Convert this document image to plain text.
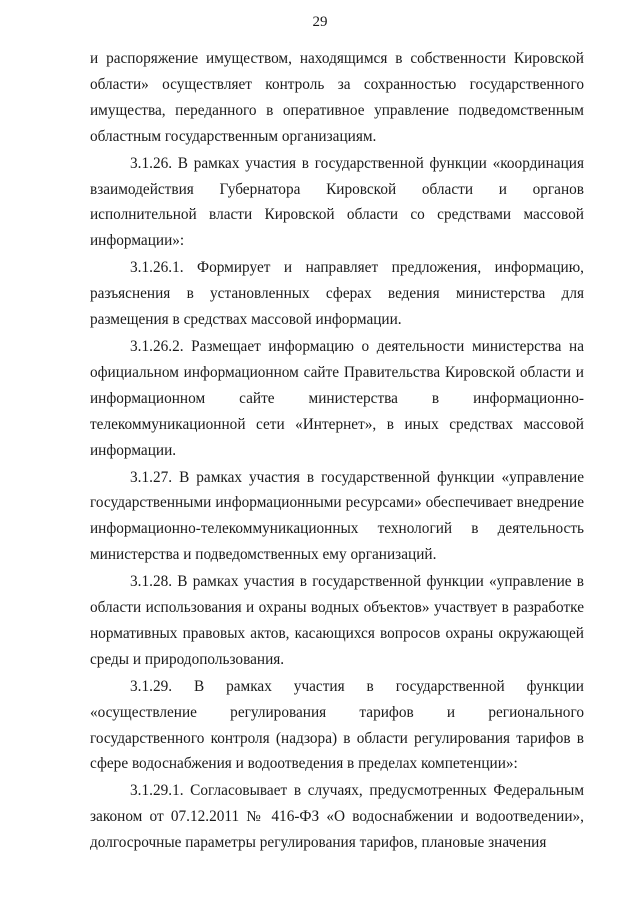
29

и распоряжение имуществом, находящимся в собственности Кировской области» осуществляет контроль за сохранностью государственного имущества, переданного в оперативное управление подведомственным областным государственным организациям.

3.1.26. В рамках участия в государственной функции «координация взаимодействия Губернатора Кировской области и органов исполнительной власти Кировской области со средствами массовой информации»:

3.1.26.1. Формирует и направляет предложения, информацию, разъяснения в установленных сферах ведения министерства для размещения в средствах массовой информации.

3.1.26.2. Размещает информацию о деятельности министерства на официальном информационном сайте Правительства Кировской области и информационном сайте министерства в информационно-телекоммуникационной сети «Интернет», в иных средствах массовой информации.

3.1.27. В рамках участия в государственной функции «управление государственными информационными ресурсами» обеспечивает внедрение информационно-телекоммуникационных технологий в деятельность министерства и подведомственных ему организаций.

3.1.28. В рамках участия в государственной функции «управление в области использования и охраны водных объектов» участвует в разработке нормативных правовых актов, касающихся вопросов охраны окружающей среды и природопользования.

3.1.29. В рамках участия в государственной функции «осуществление регулирования тарифов и регионального государственного контроля (надзора) в области регулирования тарифов в сфере водоснабжения и водоотведения в пределах компетенции»:

3.1.29.1. Согласовывает в случаях, предусмотренных Федеральным законом от 07.12.2011 № 416-ФЗ «О водоснабжении и водоотведении», долгосрочные параметры регулирования тарифов, плановые значения
